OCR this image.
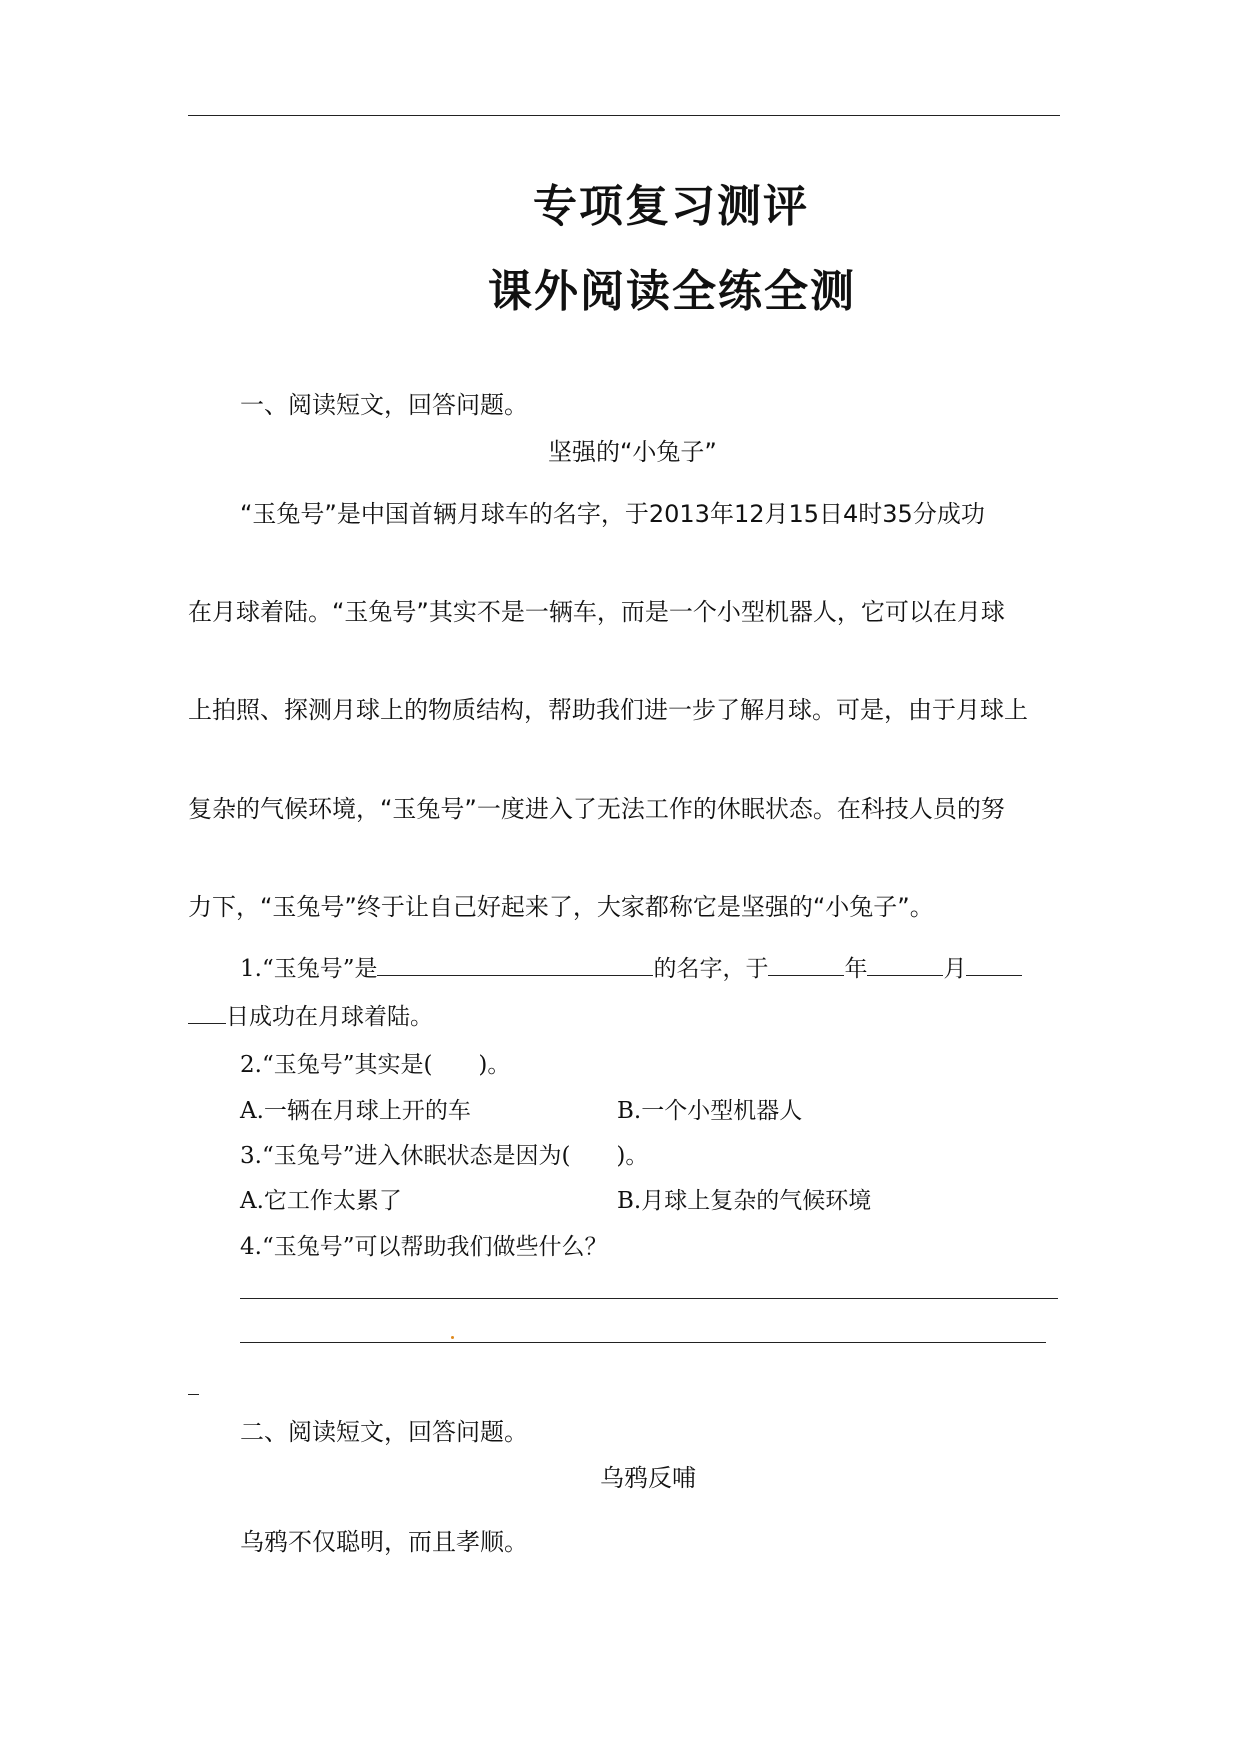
专项复习测评
课外阅读全练全测
一、阅读短文，回答问题。
坚强的“小兔子”
“玉兔号”是中国首辆月球车的名字，于2013年12月15日4时35分成功
在月球着陆。“玉兔号”其实不是一辆车，而是一个小型机器人，它可以在月球
上拍照、探测月球上的物质结构，帮助我们进一步了解月球。可是，由于月球上
复杂的气候环境，“玉兔号”一度进入了无法工作的休眠状态。在科技人员的努
力下，“玉兔号”终于让自己好起来了，大家都称它是坚强的“小兔子”。
1.“玉兔号”是	的名字，于	年	月
日成功在月球着陆。
2.“玉兔号”其实是(　　)。
A.一辆在月球上开的车	B.一个小型机器人
3.“玉兔号”进入休眠状态是因为(　　)。
A.它工作太累了	B.月球上复杂的气候环境
4.“玉兔号”可以帮助我们做些什么？
二、阅读短文，回答问题。
乌鸦反哺
乌鸦不仅聪明，而且孝顺。
